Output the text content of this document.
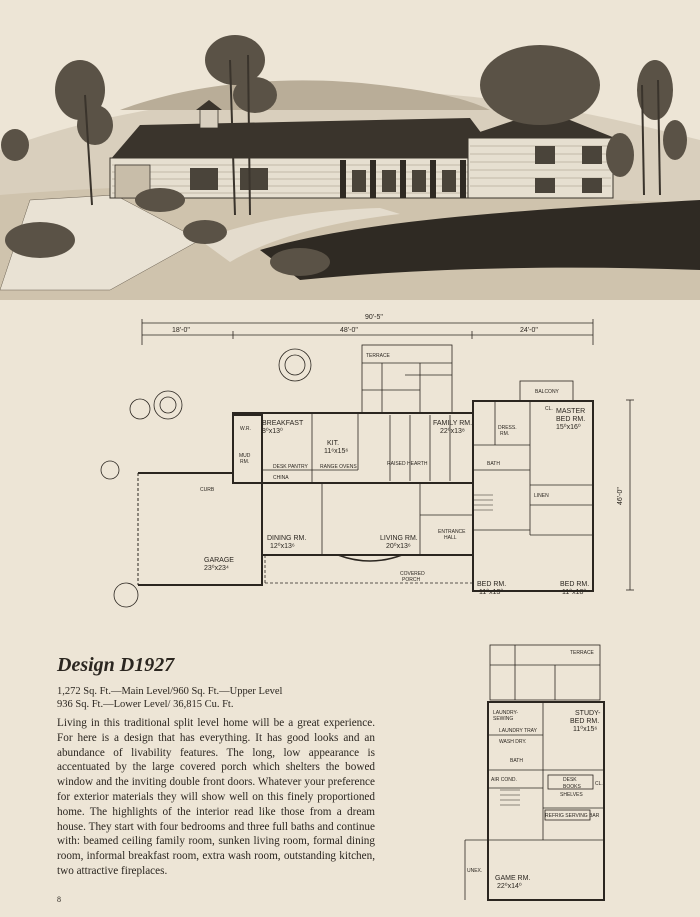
90'-5"
18'-0"	48'-0"	24'-0"
46'-0"
TERRACE
BALCONY
BREAKFAST
8⁰x13⁰
KIT.
11⁶x15⁶
FAMILY RM.
22⁰x13⁸
MASTER
BED RM.
15⁰x16⁰
DRESS.
RM.
BATH
W.R.
MUD
RM.
DESK PANTRY
CHINA
RANGE OVENS	RAISED HEARTH
DINING RM.
12⁰x13⁶
LIVING RM.
20⁰x13⁶
ENTRANCE
HALL
GARAGE
23⁰x23⁴
BED RM.
11⁰x13⁰
BED RM.
11⁰x18⁰
COVERED
PORCH
CL.
LINEN
CURB
TERRACE
LAUNDRY-
SEWING
LAUNDRY TRAY
WASH DRY.
BATH
AIR COND.
STUDY-
BED RM.
11⁰x15⁶
DESK
BOOKS
SHELVES
REFRIG SERVING BAR
UNEX.
GAME RM.
22⁰x14⁰
CL.
Design D1927
1,272 Sq. Ft.—Main Level/960 Sq. Ft.—Upper Level
936 Sq. Ft.—Lower Level/ 36,815 Cu. Ft.

Living in this traditional split level home will be a great experience. For here is a design that has everything. It has good looks and an abundance of livability features. The long, low appearance is accentuated by the large covered porch which shelters the bowed window and the inviting double front doors. Whatever your preference for exterior materials they will show well on this finely proportioned home. The highlights of the interior read like those from a dream house. They start with four bedrooms and three full baths and continue with: beamed ceiling family room, sunken living room, formal dining room, informal breakfast room, extra wash room, outstanding kitchen, two attractive fireplaces.

8
